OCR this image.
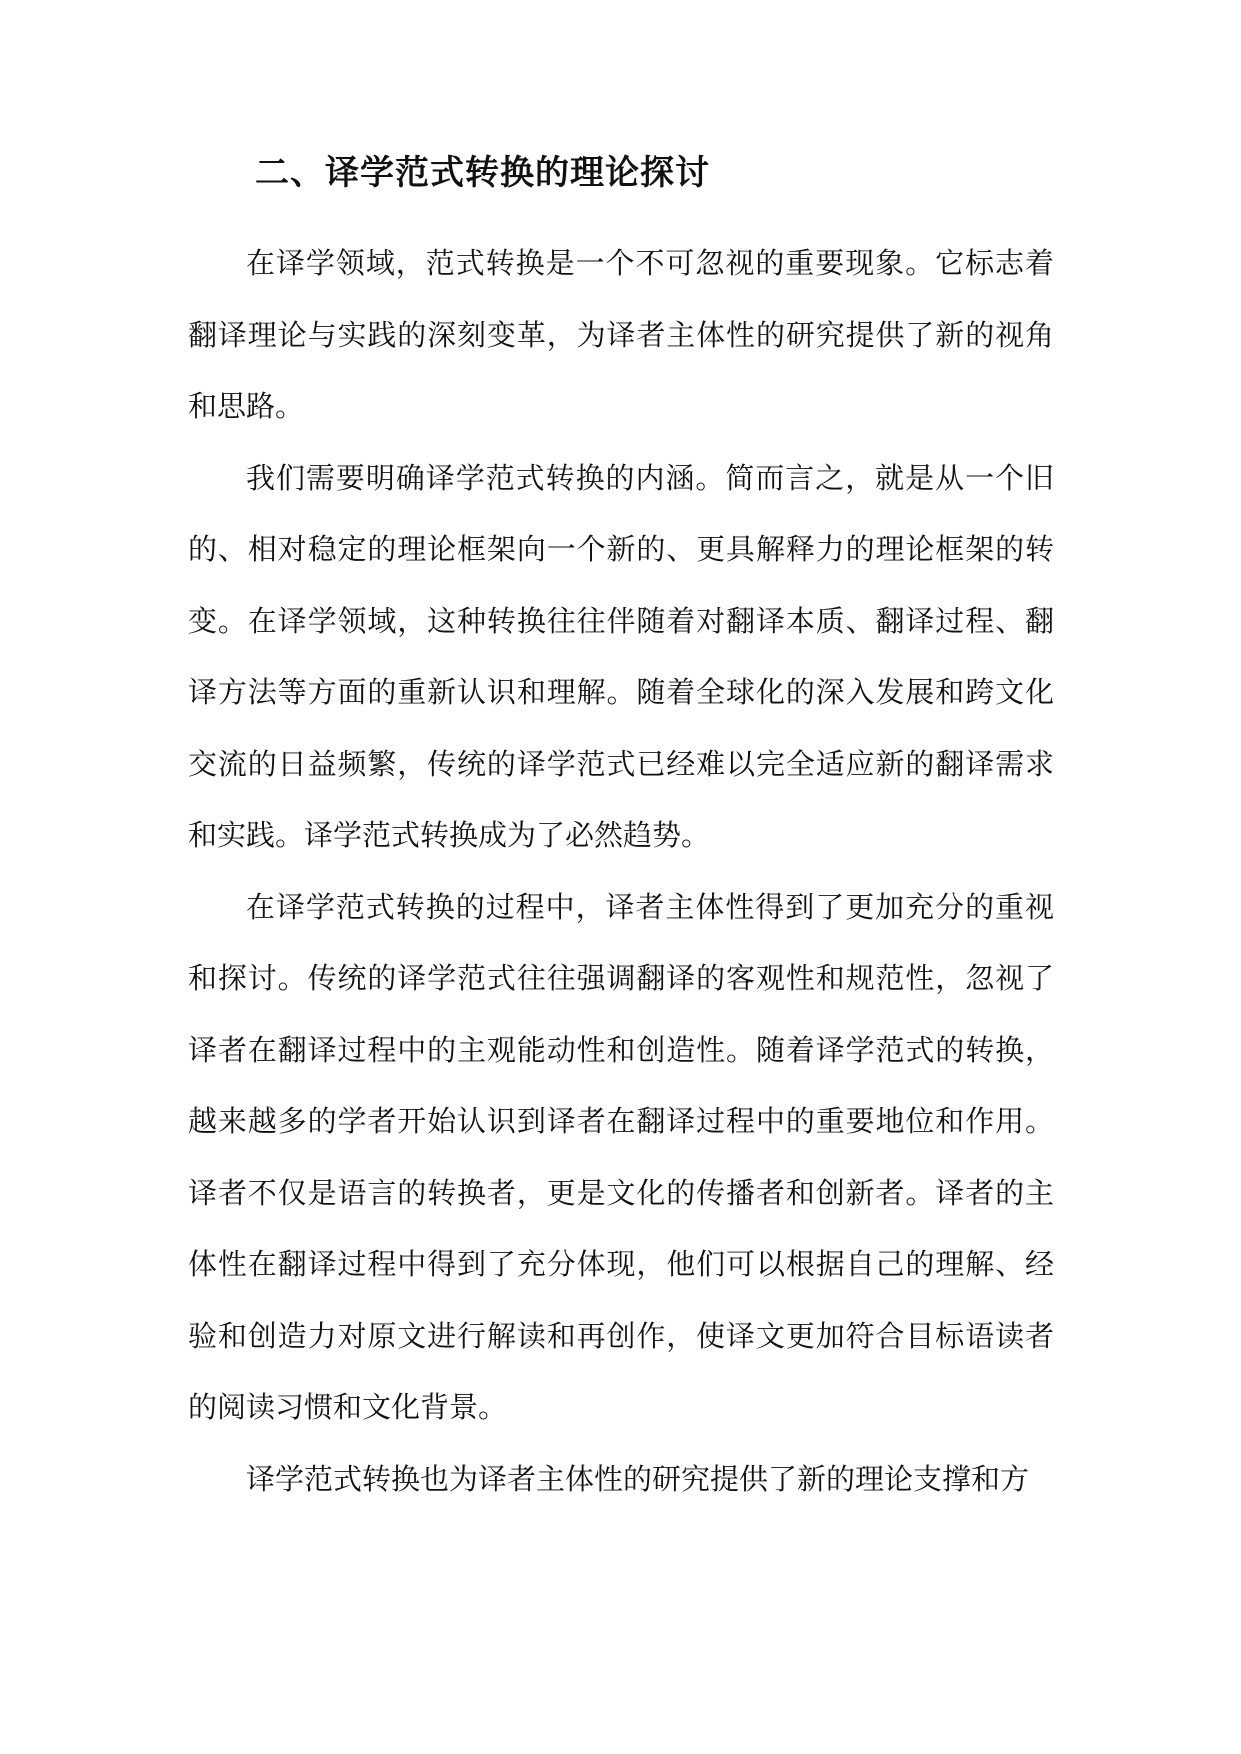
二、译学范式转换的理论探讨

在译学领域，范式转换是一个不可忽视的重要现象。它标志着翻译理论与实践的深刻变革，为译者主体性的研究提供了新的视角和思路。

我们需要明确译学范式转换的内涵。简而言之，就是从一个旧的、相对稳定的理论框架向一个新的、更具解释力的理论框架的转变。在译学领域，这种转换往往伴随着对翻译本质、翻译过程、翻译方法等方面的重新认识和理解。随着全球化的深入发展和跨文化交流的日益频繁，传统的译学范式已经难以完全适应新的翻译需求和实践。译学范式转换成为了必然趋势。

在译学范式转换的过程中，译者主体性得到了更加充分的重视和探讨。传统的译学范式往往强调翻译的客观性和规范性，忽视了译者在翻译过程中的主观能动性和创造性。随着译学范式的转换，越来越多的学者开始认识到译者在翻译过程中的重要地位和作用。译者不仅是语言的转换者，更是文化的传播者和创新者。译者的主体性在翻译过程中得到了充分体现，他们可以根据自己的理解、经验和创造力对原文进行解读和再创作，使译文更加符合目标语读者的阅读习惯和文化背景。

译学范式转换也为译者主体性的研究提供了新的理论支撑和方
